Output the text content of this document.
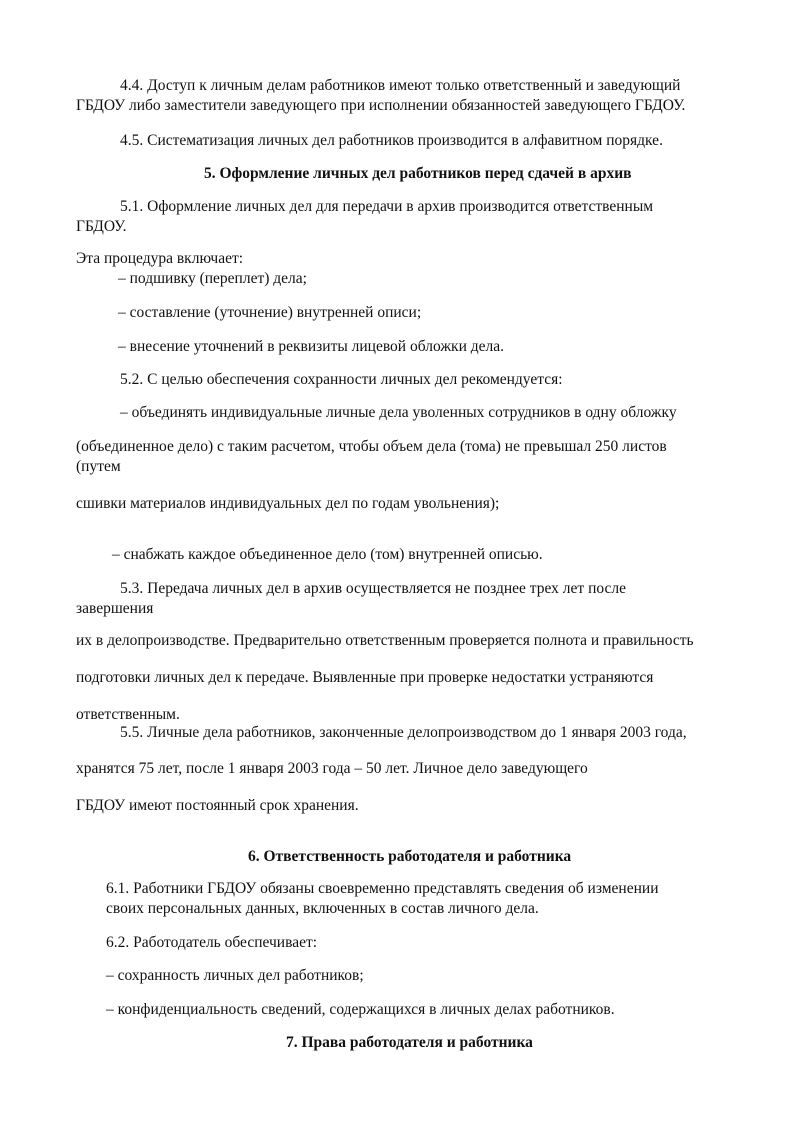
4.4. Доступ к личным делам работников имеют только ответственный и заведующий
ГБДОУ либо заместители заведующего при исполнении обязанностей заведующего ГБДОУ.
4.5. Систематизация личных дел работников производится в алфавитном порядке.
5. Оформление личных дел работников перед сдачей в архив
5.1. Оформление личных дел для передачи в архив производится ответственным
ГБДОУ.
Эта процедура включает:
– подшивку (переплет) дела;
– составление (уточнение) внутренней описи;
– внесение уточнений в реквизиты лицевой обложки дела.
5.2. С целью обеспечения сохранности личных дел рекомендуется:
– объединять индивидуальные личные дела уволенных сотрудников в одну обложку
(объединенное дело) с таким расчетом, чтобы объем дела (тома) не превышал 250 листов
(путем
сшивки материалов индивидуальных дел по годам увольнения);
– снабжать каждое объединенное дело (том) внутренней описью.
5.3. Передача личных дел в архив осуществляется не позднее трех лет после
завершения
их в делопроизводстве. Предварительно ответственным проверяется полнота и правильность
подготовки личных дел к передаче. Выявленные при проверке недостатки устраняются
ответственным.
5.5. Личные дела работников, законченные делопроизводством до 1 января 2003 года,
хранятся 75 лет, после 1 января 2003 года – 50 лет. Личное дело заведующего
ГБДОУ имеют постоянный срок хранения.
6. Ответственность работодателя и работника
6.1. Работники ГБДОУ обязаны своевременно представлять сведения об изменении
своих персональных данных, включенных в состав личного дела.
6.2. Работодатель обеспечивает:
– сохранность личных дел работников;
– конфиденциальность сведений, содержащихся в личных делах работников.
7. Права работодателя и работника
